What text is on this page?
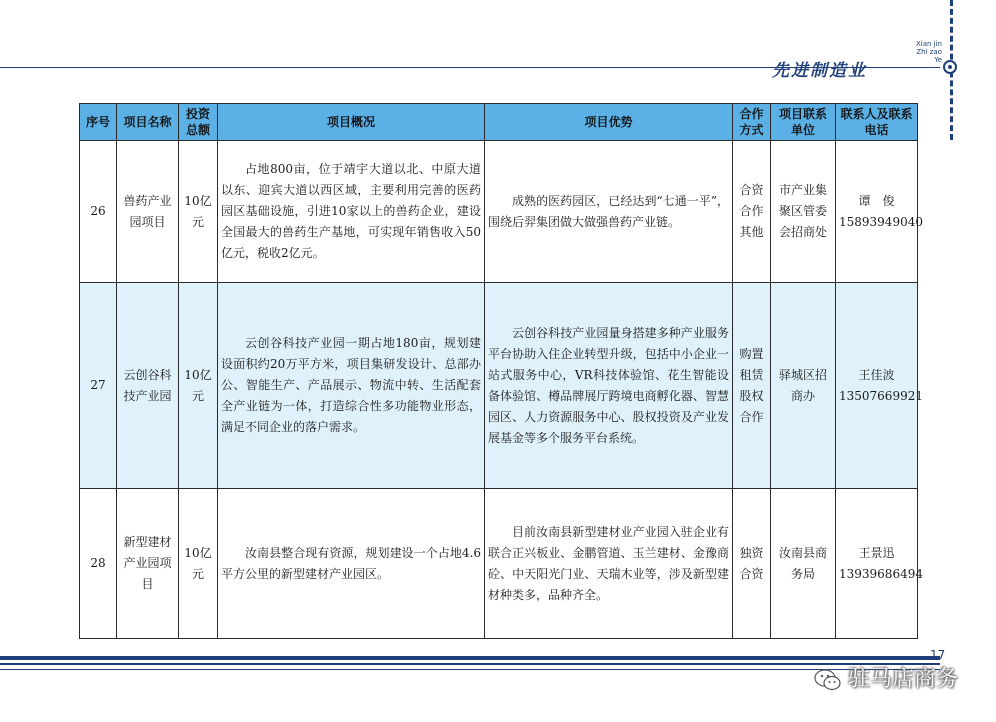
先进制造业
Xian jin
Zhi zao
Ye
序号	项目名称	投资总额	项目概况	项目优势	合作方式	项目联系单位	联系人及联系电话
26	兽药产业园项目	10亿元	占地800亩，位于靖宇大道以北、中原大道以东、迎宾大道以西区域，主要利用完善的医药园区基础设施，引进10家以上的兽药企业，建设全国最大的兽药生产基地，可实现年销售收入50亿元，税收2亿元。	成熟的医药园区，已经达到“七通一平”，围绕后羿集团做大做强兽药产业链。	合资合作其他	市产业集聚区管委会招商处	谭　俊
15893949040

27	云创谷科技产业园	10亿元	云创谷科技产业园一期占地180亩，规划建设面积约20万平方米，项目集研发设计、总部办公、智能生产、产品展示、物流中转、生活配套全产业链为一体，打造综合性多功能物业形态，满足不同企业的落户需求。	云创谷科技产业园量身搭建多种产业服务平台协助入住企业转型升级，包括中小企业一站式服务中心，VR科技体验馆、花生智能设备体验馆、樽品牌展厅跨境电商孵化器、智慧园区、人力资源服务中心、股权投资及产业发展基金等多个服务平台系统。	购置租赁股权合作	驿城区招商办	王佳波
13507669921

28	新型建材产业园项目	10亿元	汝南县整合现有资源，规划建设一个占地4.6平方公里的新型建材产业园区。	目前汝南县新型建材业产业园入驻企业有联合正兴板业、金鹏管道、玉兰建材、金豫商砼、中天阳光门业、天瑞木业等，涉及新型建材种类多，品种齐全。	独资合资	汝南县商务局	王景迅
13939686494
17
驻马店商务
